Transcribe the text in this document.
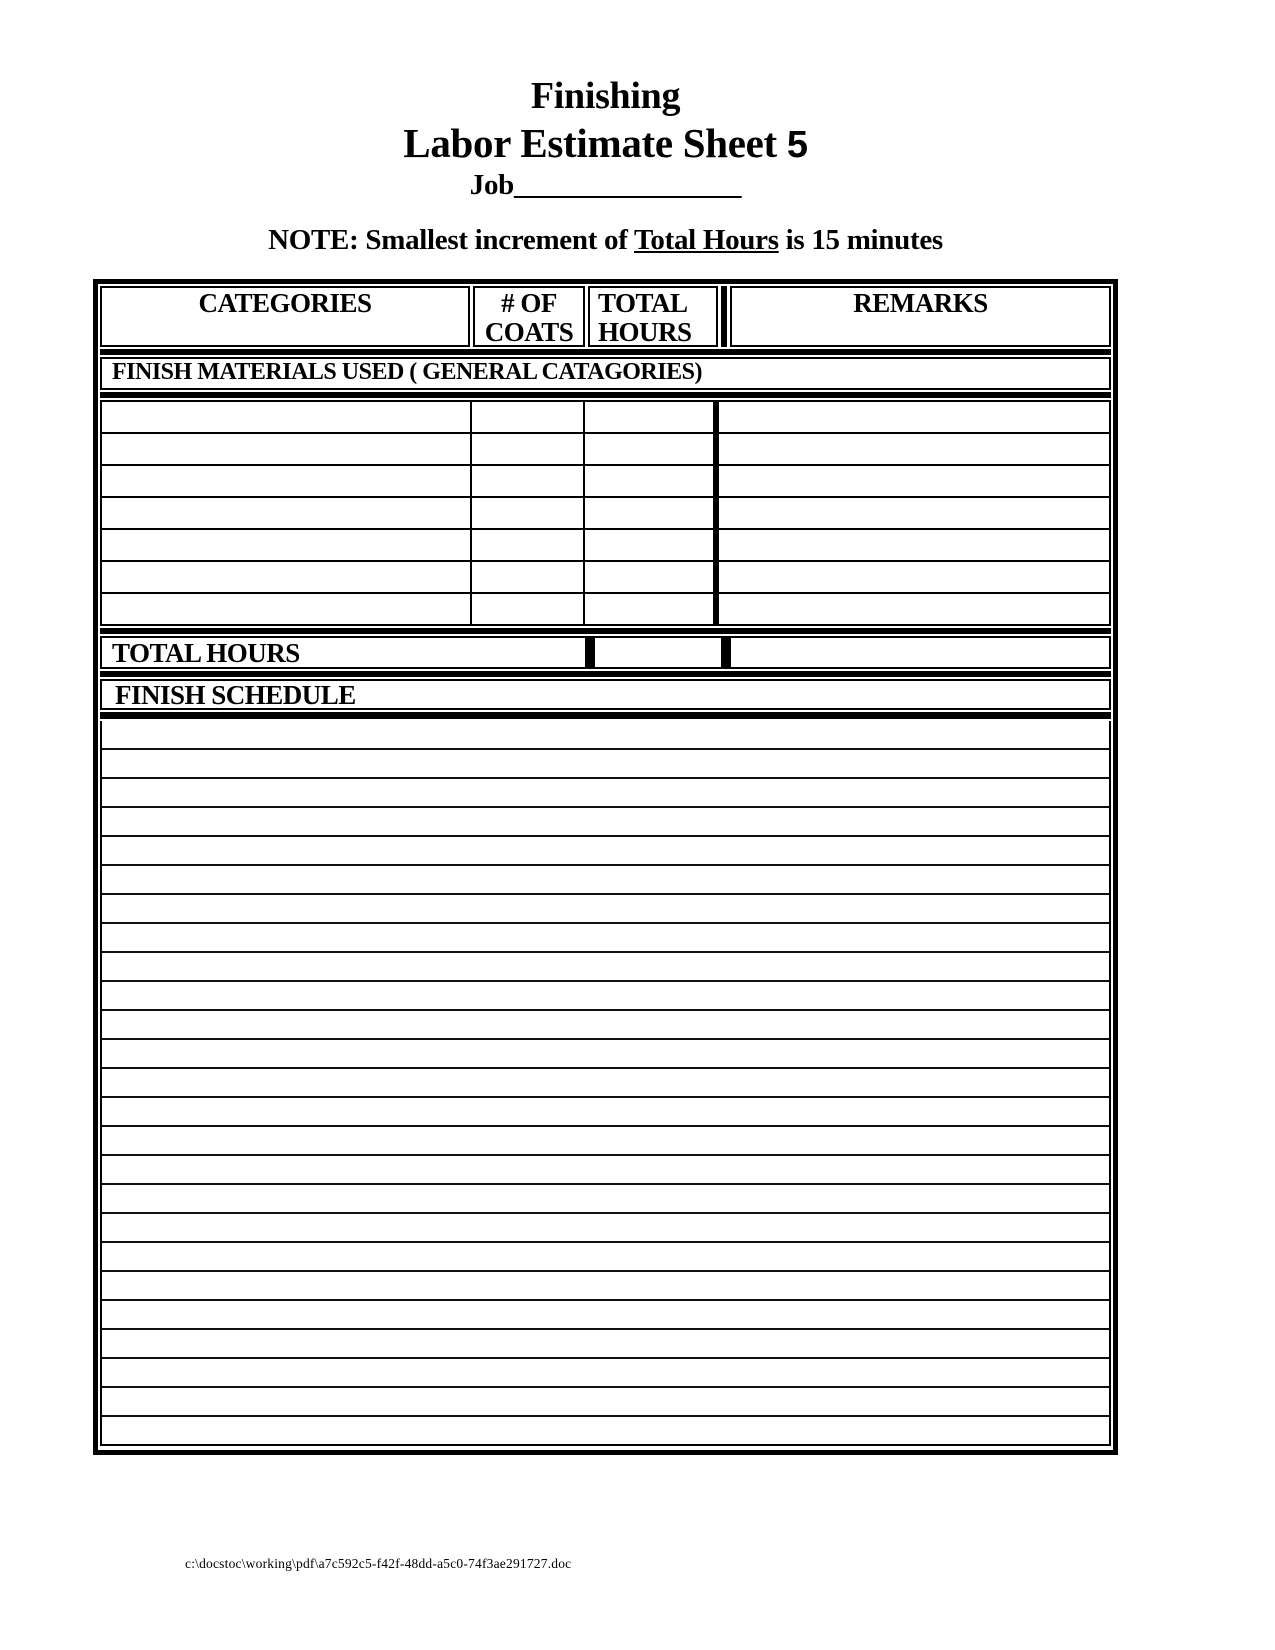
Finishing
Labor Estimate Sheet 5
Job________________
NOTE: Smallest increment of Total Hours is 15 minutes
CATEGORIES	# OF
COATS
TOTAL
HOURS
REMARKS
FINISH MATERIALS USED ( GENERAL CATAGORIES)
TOTAL HOURS
FINISH SCHEDULE
c:\docstoc\working\pdf\a7c592c5-f42f-48dd-a5c0-74f3ae291727.doc
